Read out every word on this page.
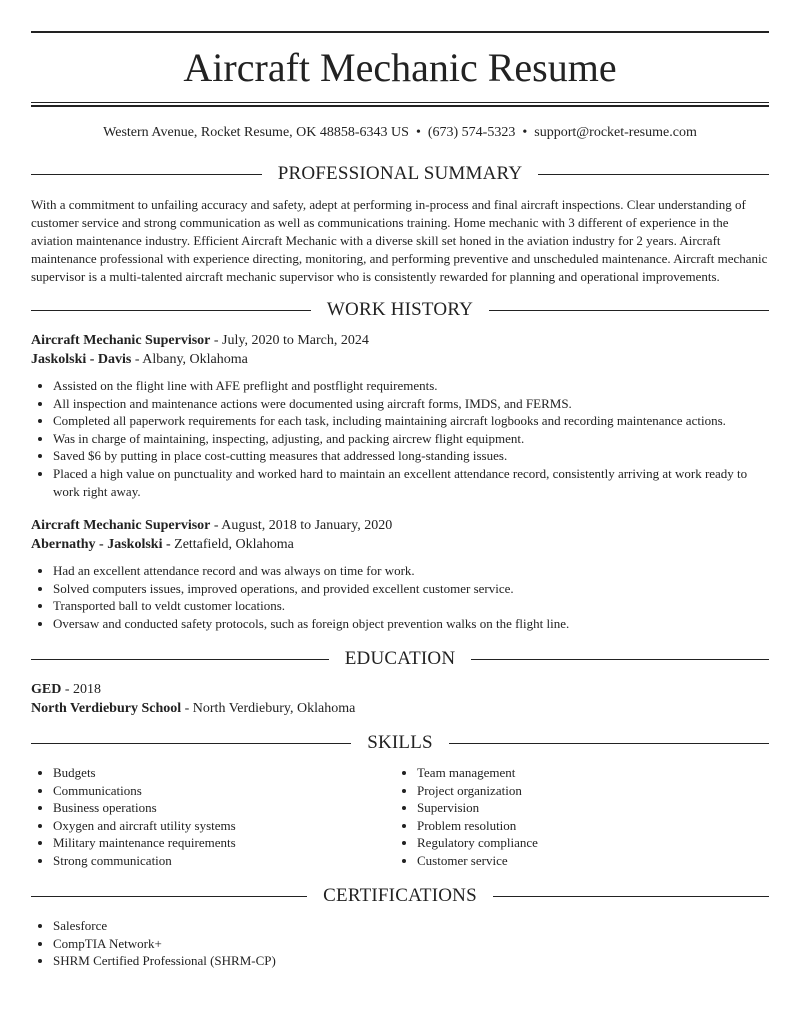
Aircraft Mechanic Resume
Western Avenue, Rocket Resume, OK 48858-6343 US • (673) 574-5323 • support@rocket-resume.com
PROFESSIONAL SUMMARY

With a commitment to unfailing accuracy and safety, adept at performing in-process and final aircraft inspections. Clear understanding of customer service and strong communication as well as communications training. Home mechanic with 3 different of experience in the aviation maintenance industry. Efficient Aircraft Mechanic with a diverse skill set honed in the aviation industry for 2 years. Aircraft maintenance professional with experience directing, monitoring, and performing preventive and unscheduled maintenance. Aircraft mechanic supervisor is a multi-talented aircraft mechanic supervisor who is consistently rewarded for planning and operational improvements.

WORK HISTORY
Aircraft Mechanic Supervisor - July, 2020 to March, 2024
Jaskolski - Davis - Albany, Oklahoma
• Assisted on the flight line with AFE preflight and postflight requirements.
• All inspection and maintenance actions were documented using aircraft forms, IMDS, and FERMS.
• Completed all paperwork requirements for each task, including maintaining aircraft logbooks and recording maintenance actions.
• Was in charge of maintaining, inspecting, adjusting, and packing aircrew flight equipment.
• Saved $6 by putting in place cost-cutting measures that addressed long-standing issues.
• Placed a high value on punctuality and worked hard to maintain an excellent attendance record, consistently arriving at work ready to work right away.
Aircraft Mechanic Supervisor - August, 2018 to January, 2020
Abernathy - Jaskolski - Zettafield, Oklahoma
• Had an excellent attendance record and was always on time for work.
• Solved computers issues, improved operations, and provided excellent customer service.
• Transported ball to veldt customer locations.
• Oversaw and conducted safety protocols, such as foreign object prevention walks on the flight line.
EDUCATION
GED - 2018
North Verdiebury School - North Verdiebury, Oklahoma
SKILLS
• Budgets
• Communications
• Business operations
• Oxygen and aircraft utility systems
• Military maintenance requirements
• Strong communication
• Team management
• Project organization
• Supervision
• Problem resolution
• Regulatory compliance
• Customer service
CERTIFICATIONS
• Salesforce
• CompTIA Network+
• SHRM Certified Professional (SHRM-CP)
